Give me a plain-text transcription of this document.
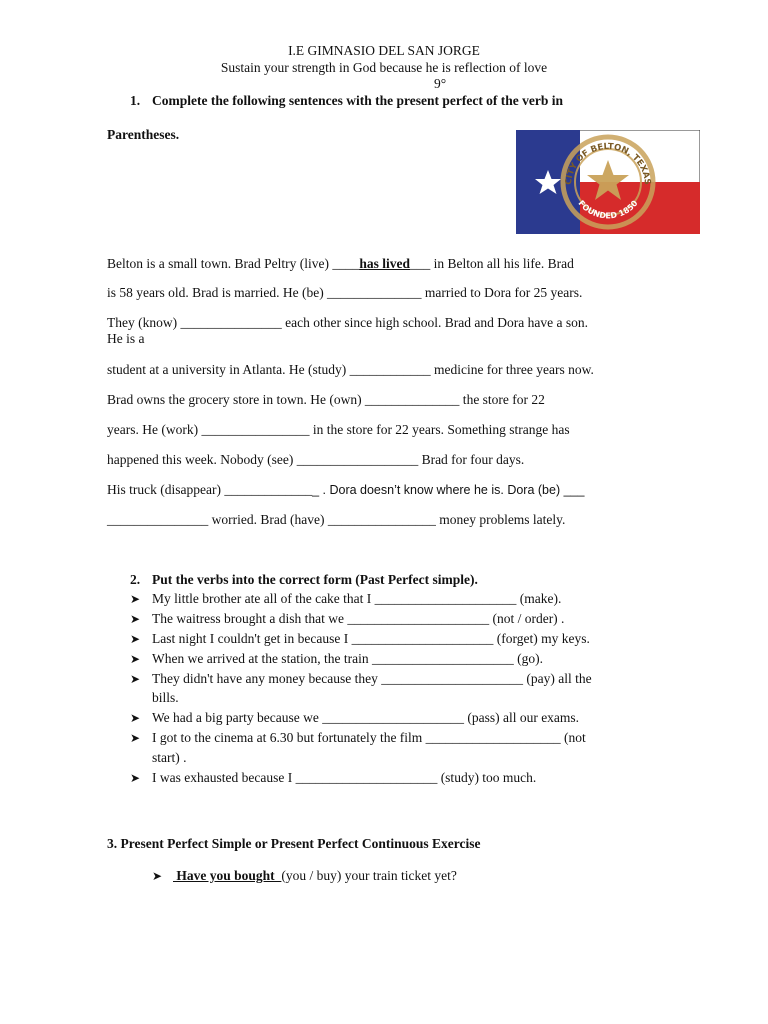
I.E GIMNASIO DEL SAN JORGE
Sustain your strength in God because he is reflection of love
9°
1. Complete the following sentences with the present perfect of the verb in
Parentheses.
CITY OF BELTON, TEXAS
FOUNDED 1850
Belton is a small town. Brad Peltry (live) ____has lived___ in Belton all his life. Brad
is 58 years old. Brad is married. He (be) ______________ married to Dora for 25 years.
They (know) _______________ each other since high school. Brad and Dora have a son.
He is a
student at a university in Atlanta. He (study) ____________ medicine for three years now.
Brad owns the grocery store in town. He (own) ______________ the store for 22
years. He (work) ________________ in the store for 22 years. Something strange has
happened this week. Nobody (see) __________________ Brad for four days.
His truck (disappear) ______________ . Dora doesn’t know where he is. Dora (be) ___
_______________ worried. Brad (have) ________________ money problems lately.
2. Put the verbs into the correct form (Past Perfect simple).
➤ My little brother ate all of the cake that I _____________________ (make).
➤ The waitress brought a dish that we _____________________ (not / order) .
➤ Last night I couldn't get in because I _____________________ (forget) my keys.
➤ When we arrived at the station, the train _____________________ (go).
➤ They didn't have any money because they _____________________ (pay) all the
bills.
➤ We had a big party because we _____________________ (pass) all our exams.
➤ I got to the cinema at 6.30 but fortunately the film ____________________ (not
start) .
➤ I was exhausted because I _____________________ (study) too much.
3. Present Perfect Simple or Present Perfect Continuous Exercise
➤ Have you bought  (you / buy) your train ticket yet?
